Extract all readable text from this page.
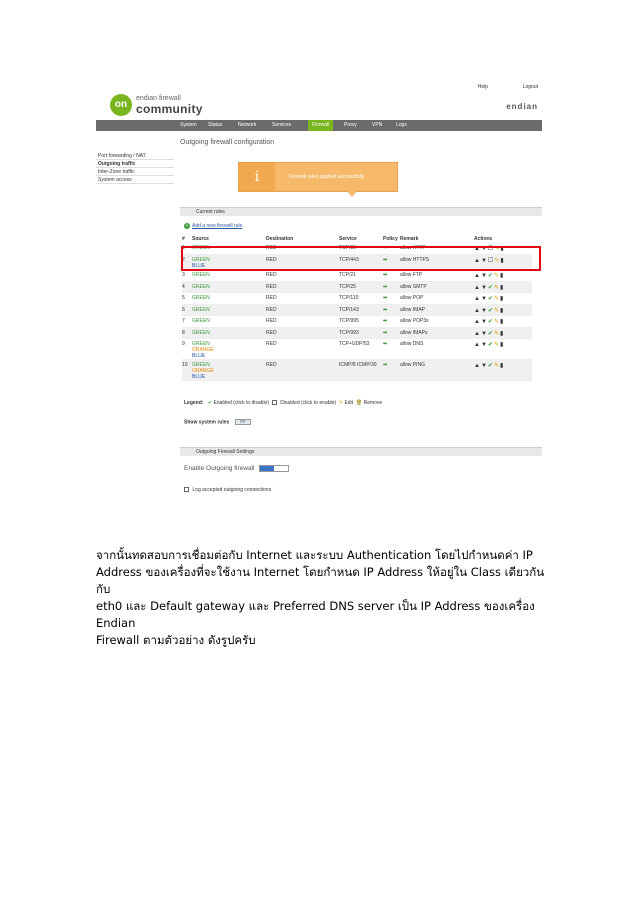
Help	Logout
on
endian firewall
community	endian
System Status	Network	Services	Firewall	Proxy	VPN	Logs
Outgoing firewall configuration
Port forwarding / NAT
Outgoing traffic
Inter-Zone traffic
System access	i	Firewall rules applied successfully
Current rules
+ Add a new firewall rule
#	Source	Destination	Service	Policy	Remark	Actions
1	GREEN	RED	TCP/80	➡	allow HTTP	▲▼☐✎▮
2	GREEN
BLUE	RED	TCP/443	➡	allow HTTPS	▲▼☐✎▮
3	GREEN	RED	TCP/21	➡	allow FTP	▲▼✔✎▮
4	GREEN	RED	TCP/25	➡	allow SMTP	▲▼✔✎▮
5	GREEN	RED	TCP/110	➡	allow POP	▲▼✔✎▮
6	GREEN	RED	TCP/143	➡	allow IMAP	▲▼✔✎▮
7	GREEN	RED	TCP/995	➡	allow POP3s	▲▼✔✎▮
8	GREEN	RED	TCP/993	➡	allow IMAPs	▲▼✔✎▮
9	GREEN
ORANGE
BLUE	RED	TCP+UDP/53	➡	allow DNS	▲▼✔✎▮
10	GREEN
ORANGE
BLUE	RED	ICMP/8 ICMP/30	➡	allow PING	▲▼✔✎▮
Legend: ✔ Enabled (click to disable) Disabled (click to enable) ✎ Edit 🗑 Remove
Show system rules >>
Outgoing Firewall Settings
Enable Outgoing firewall
Log accepted outgoing connections
จากนั้นทดสอบการเชื่อมต่อกับ Internet และระบบ Authentication โดยไปกำหนดค่า IP
Address ของเครื่องที่จะใช้งาน Internet โดยกำหนด IP Address ให้อยู่ใน Class เดียวกันกับ
eth0 และ Default gateway และ Preferred DNS server เป็น IP Address ของเครื่อง Endian
Firewall ตามตัวอย่าง ดังรูปครับ
